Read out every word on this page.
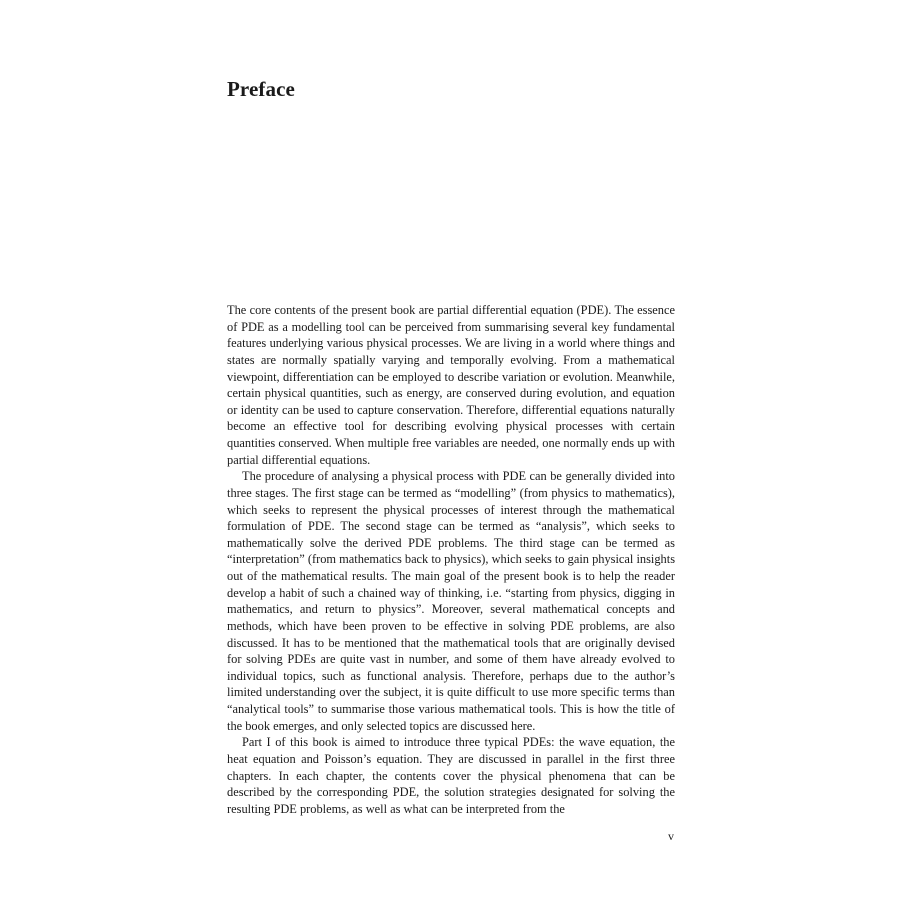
Preface

The core contents of the present book are partial differential equation (PDE). The essence of PDE as a modelling tool can be perceived from summarising several key fundamental features underlying various physical processes. We are living in a world where things and states are normally spatially varying and temporally evolving. From a mathematical viewpoint, differentiation can be employed to describe variation or evolution. Meanwhile, certain physical quantities, such as energy, are conserved during evolution, and equation or identity can be used to capture conservation. Therefore, differential equations naturally become an effective tool for describing evolving physical processes with certain quantities conserved. When multiple free variables are needed, one normally ends up with partial differential equations.

The procedure of analysing a physical process with PDE can be generally divided into three stages. The first stage can be termed as “modelling” (from physics to mathematics), which seeks to represent the physical processes of interest through the mathematical formulation of PDE. The second stage can be termed as “analysis”, which seeks to mathematically solve the derived PDE problems. The third stage can be termed as “interpretation” (from mathematics back to physics), which seeks to gain physical insights out of the mathematical results. The main goal of the present book is to help the reader develop a habit of such a chained way of thinking, i.e. “starting from physics, digging in mathematics, and return to physics”. Moreover, several mathematical concepts and methods, which have been proven to be effective in solving PDE problems, are also discussed. It has to be mentioned that the mathematical tools that are originally devised for solving PDEs are quite vast in number, and some of them have already evolved to individual topics, such as functional analysis. Therefore, perhaps due to the author’s limited understanding over the subject, it is quite difficult to use more specific terms than “analytical tools” to summarise those various mathematical tools. This is how the title of the book emerges, and only selected topics are discussed here.

Part I of this book is aimed to introduce three typical PDEs: the wave equation, the heat equation and Poisson’s equation. They are discussed in parallel in the first three chapters. In each chapter, the contents cover the physical phenomena that can be described by the corresponding PDE, the solution strategies designated for solving the resulting PDE problems, as well as what can be interpreted from the

v
